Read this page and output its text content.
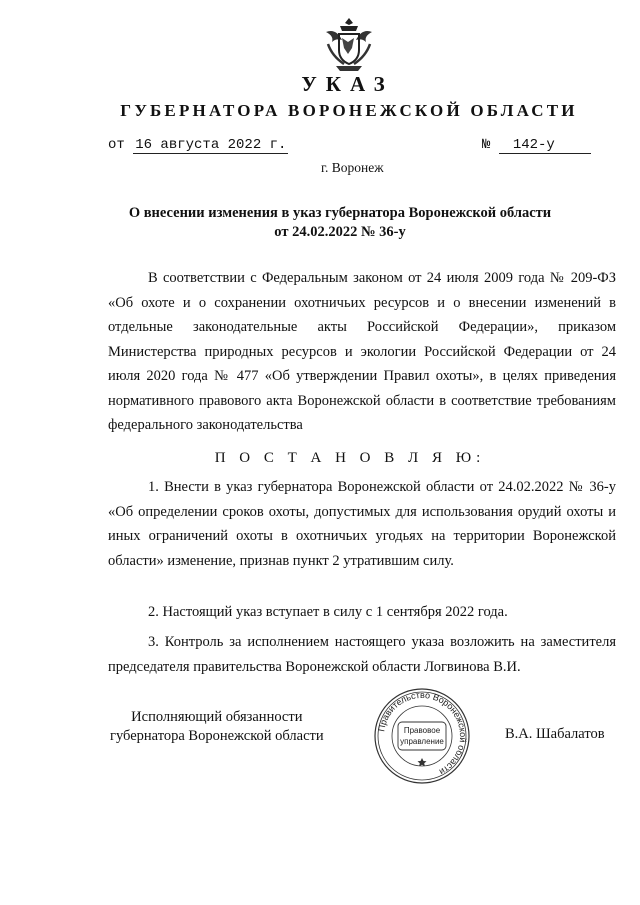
УКАЗ
ГУБЕРНАТОРА ВОРОНЕЖСКОЙ ОБЛАСТИ
от 16 августа 2022 г.	№ 142-у
г. Воронеж
О внесении изменения в указ губернатора Воронежской области
от 24.02.2022 № 36-у
В соответствии с Федеральным законом от 24 июля 2009 года № 209-ФЗ «Об охоте и о сохранении охотничьих ресурсов и о внесении изменений в отдельные законодательные акты Российской Федерации», приказом Министерства природных ресурсов и экологии Российской Федерации от 24 июля 2020 года № 477 «Об утверждении Правил охоты», в целях приведения нормативного правового акта Воронежской области в соответствие требованиям федерального законодательства
П О С Т А Н О В Л Я Ю:
1. Внести в указ губернатора Воронежской области от 24.02.2022 № 36-у «Об определении сроков охоты, допустимых для использования орудий охоты и иных ограничений охоты в охотничьих угодьях на территории Воронежской области» изменение, признав пункт 2 утратившим силу.
2. Настоящий указ вступает в силу с 1 сентября 2022 года.
3. Контроль за исполнением настоящего указа возложить на заместителя председателя правительства Воронежской области Логвинова В.И.
Исполняющий обязанности
губернатора Воронежской области	Правительство Воронежской области
Правовое
управление	В.А. Шабалатов
